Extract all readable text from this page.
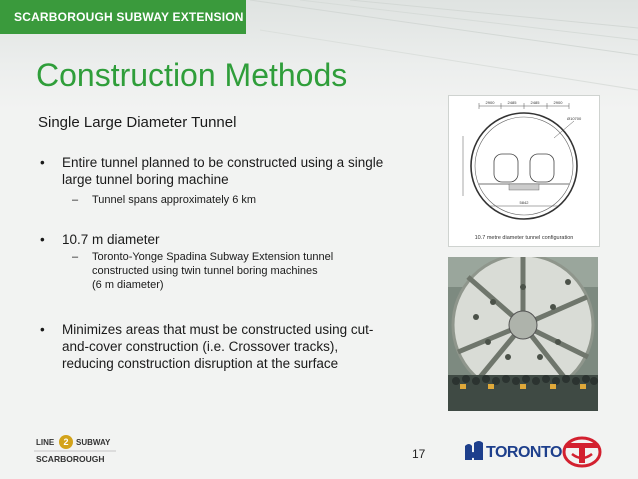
SCARBOROUGH SUBWAY EXTENSION
Construction Methods
Single Large Diameter Tunnel
• Entire tunnel planned to be constructed using a single
large tunnel boring machine
– Tunnel spans approximately 6 km
• 10.7 m diameter
– Toronto-Yonge Spadina Subway Extension tunnel
constructed using twin tunnel boring machines
(6 m diameter)
• Minimizes areas that must be constructed using cut-
and-cover construction (i.e. Crossover tracks),
reducing construction disruption at the surface
2900	2485	2485	2900
5842
Ø10700
10.7 metre diameter tunnel configuration
LINE 2 SUBWAY
SCARBOROUGH	17	TORONTO
